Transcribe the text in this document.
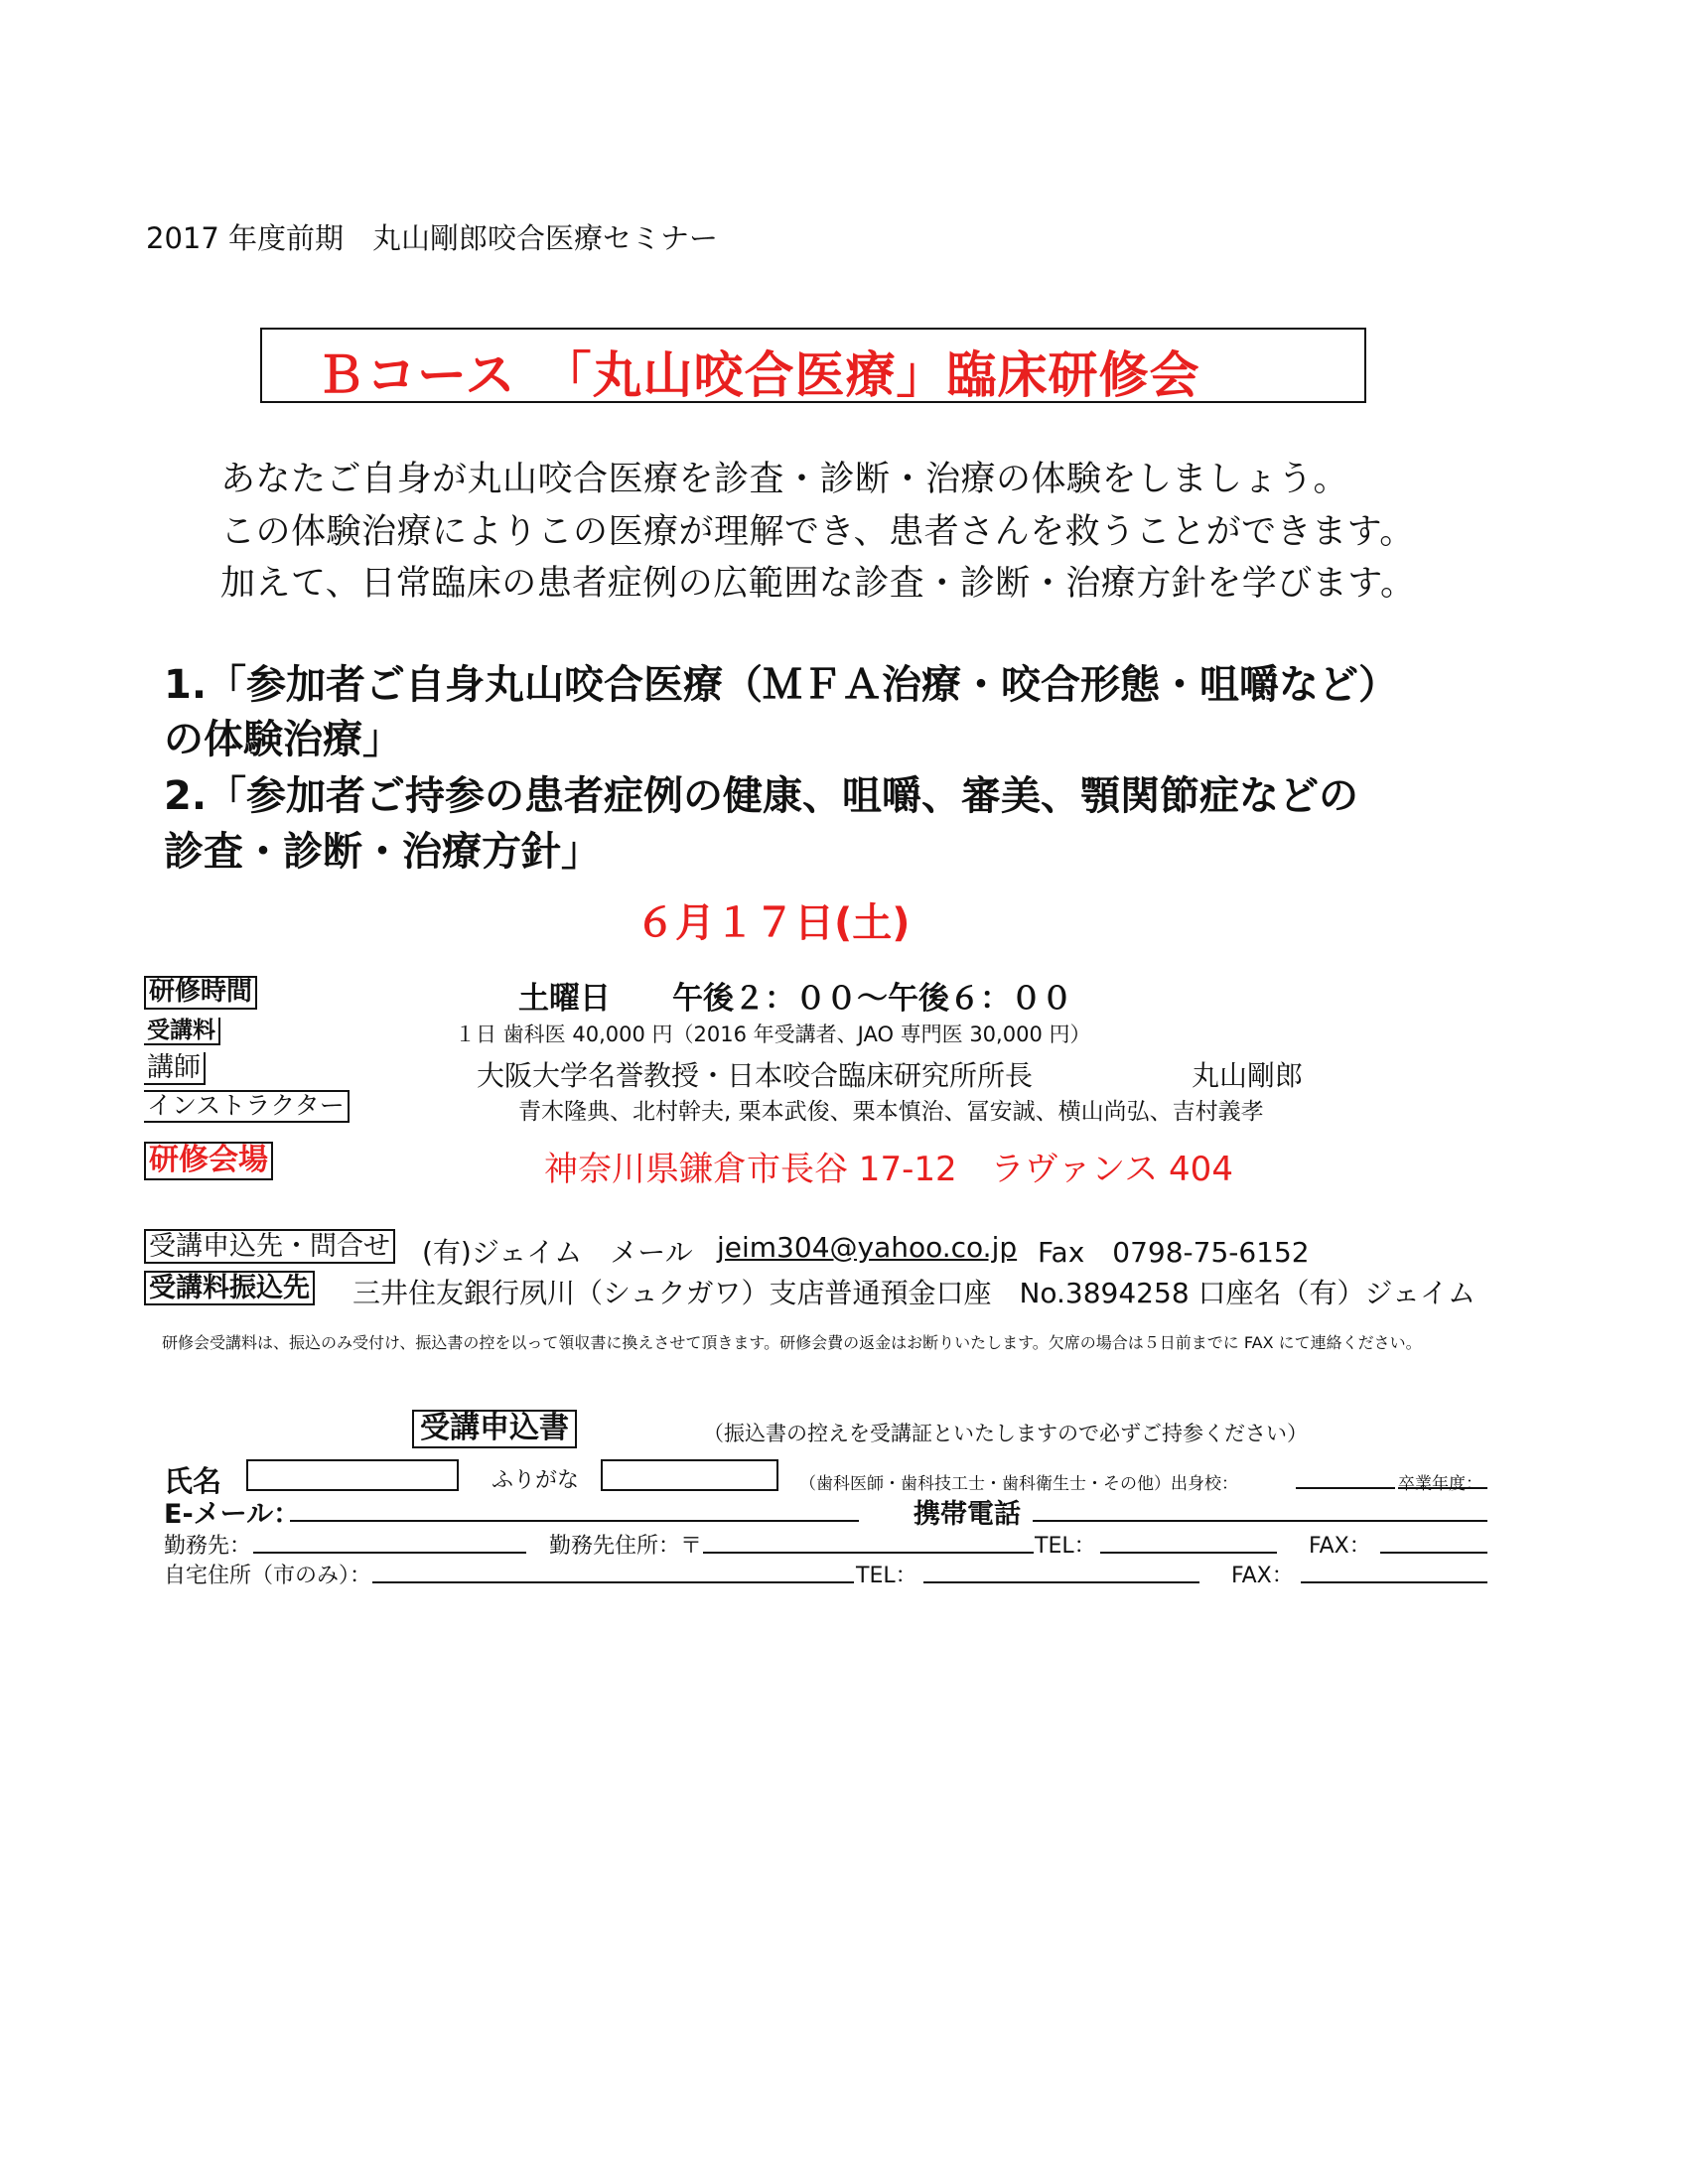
2017 年度前期　丸山剛郎咬合医療セミナー
Ｂコース　「丸山咬合医療」臨床研修会
あなたご自身が丸山咬合医療を診査・診断・治療の体験をしましょう。
この体験治療によりこの医療が理解でき、患者さんを救うことができます。
加えて、日常臨床の患者症例の広範囲な診査・診断・治療方針を学びます。
1.「参加者ご自身丸山咬合医療（ＭＦＡ治療・咬合形態・咀嚼など）
の体験治療」
2.「参加者ご持参の患者症例の健康、咀嚼、審美、顎関節症などの
診査・診断・治療方針」
６月１７日(土)
研修時間	土曜日　　午後２：００～午後６：００
受講料	１日 歯科医 40,000 円（2016 年受講者、JAO 専門医 30,000 円）
講師	大阪大学名誉教授・日本咬合臨床研究所所長	丸山剛郎
インストラクター	青木隆典、北村幹夫, 栗本武俊、栗本慎治、冨安誠、横山尚弘、吉村義孝
研修会場	神奈川県鎌倉市長谷 17-12　ラヴァンス 404
受講申込先・問合せ (有)ジェイム　メール jeim304@yahoo.co.jp Fax　0798-75-6152
受講料振込先 三井住友銀行夙川（シュクガワ）支店普通預金口座　No.3894258 口座名（有）ジェイム
研修会受講料は、振込のみ受付け、振込書の控を以って領収書に換えさせて頂きます。研修会費の返金はお断りいたします。欠席の場合は５日前までに FAX にて連絡ください。
受講申込書	（振込書の控えを受講証といたしますので必ずご持参ください）
氏名	ふりがな	（歯科医師・歯科技工士・歯科衛生士・その他）出身校：	卒業年度：
E-メール：	携帯電話
勤務先：	勤務先住所：〒	TEL：	FAX：
自宅住所（市のみ）：	TEL：	FAX：
